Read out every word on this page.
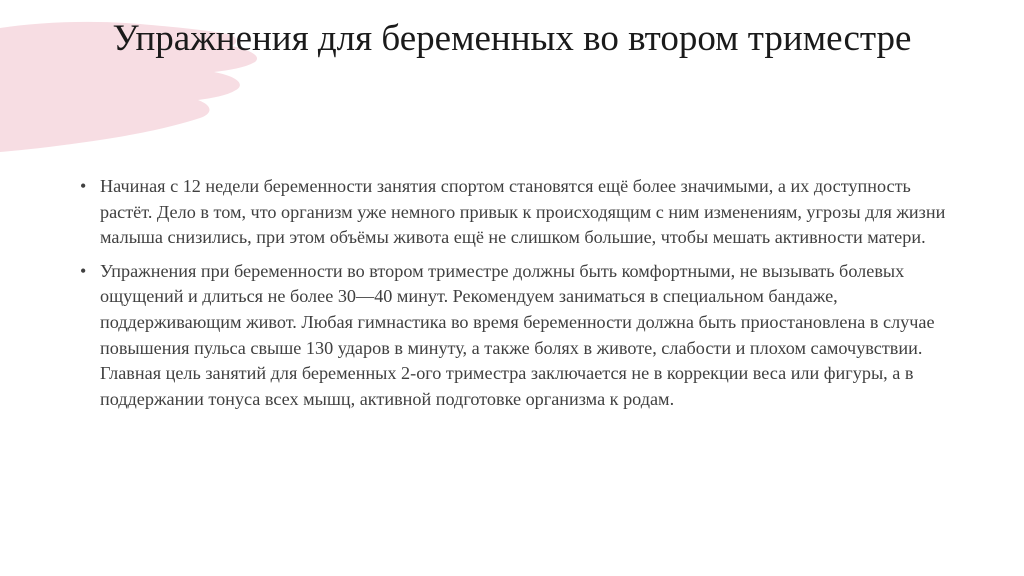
Упражнения для беременных во втором триместре
• Начиная с 12 недели беременности занятия спортом становятся ещё более значимыми, а их доступность растёт. Дело в том, что организм уже немного привык к происходящим с ним изменениям, угрозы для жизни малыша снизились, при этом объёмы живота ещё не слишком большие, чтобы мешать активности матери.
• Упражнения при беременности во втором триместре должны быть комфортными, не вызывать болевых ощущений и длиться не более 30—40 минут. Рекомендуем заниматься в специальном бандаже, поддерживающим живот. Любая гимнастика во время беременности должна быть приостановлена в случае повышения пульса свыше 130 ударов в минуту, а также болях в животе, слабости и плохом самочувствии. Главная цель занятий для беременных 2-ого триместра заключается не в коррекции веса или фигуры, а в поддержании тонуса всех мышц, активной подготовке организма к родам.
